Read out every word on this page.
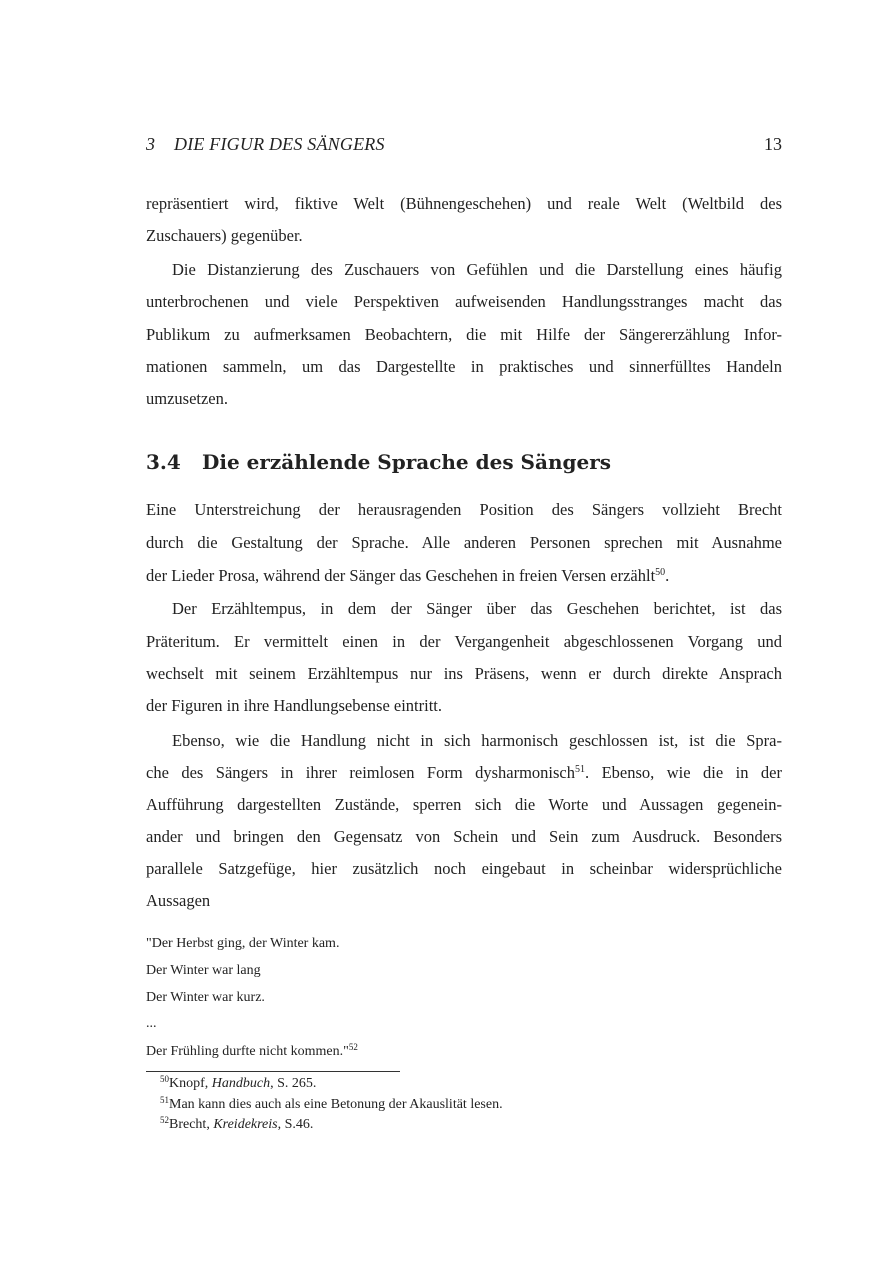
3 DIE FIGUR DES SÄNGERS	13
repräsentiert wird, fiktive Welt (Bühnengeschehen) und reale Welt (Weltbild des
Zuschauers) gegenüber.
Die Distanzierung des Zuschauers von Gefühlen und die Darstellung eines häufig
unterbrochenen und viele Perspektiven aufweisenden Handlungsstranges macht das
Publikum zu aufmerksamen Beobachtern, die mit Hilfe der Sängererzählung Infor-
mationen sammeln, um das Dargestellte in praktisches und sinnerfülltes Handeln
umzusetzen.
3.4 Die erzählende Sprache des Sängers
Eine Unterstreichung der herausragenden Position des Sängers vollzieht Brecht
durch die Gestaltung der Sprache. Alle anderen Personen sprechen mit Ausnahme
der Lieder Prosa, während der Sänger das Geschehen in freien Versen erzählt$^{50}$.
Der Erzähltempus, in dem der Sänger über das Geschehen berichtet, ist das
Präteritum. Er vermittelt einen in der Vergangenheit abgeschlossenen Vorgang und
wechselt mit seinem Erzähltempus nur ins Präsens, wenn er durch direkte Ansprach
der Figuren in ihre Handlungsebense eintritt.
Ebenso, wie die Handlung nicht in sich harmonisch geschlossen ist, ist die Spra-
che des Sängers in ihrer reimlosen Form dysharmonisch$^{51}$. Ebenso, wie die in der
Aufführung dargestellten Zustände, sperren sich die Worte und Aussagen gegenein-
ander und bringen den Gegensatz von Schein und Sein zum Ausdruck. Besonders
parallele Satzgefüge, hier zusätzlich noch eingebaut in scheinbar widersprüchliche
Aussagen
"Der Herbst ging, der Winter kam.
Der Winter war lang
Der Winter war kurz.
...
Der Frühling durfte nicht kommen."$^{52}$
$^{50}$Knopf, Handbuch, S. 265.
$^{51}$Man kann dies auch als eine Betonung der Akauslität lesen.
$^{52}$Brecht, Kreidekreis, S.46.
